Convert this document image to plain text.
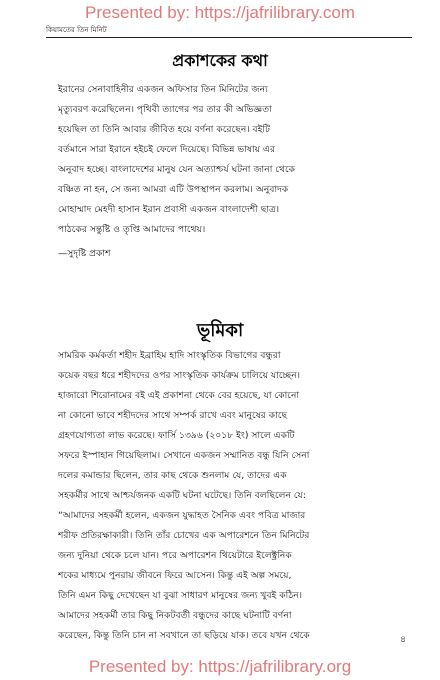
Presented by: https://jafrilibrary.com
কিয়ামতের তিন মিনিট
প্রকাশকের কথা
ইরানের সেনাবাহিনীর একজন অফিসার তিন মিনিটের জন্য
মৃত্যুবরণ করেছিলেন। পৃথিবী ত্যাগের পর তার কী অভিজ্ঞতা
হয়েছিল তা তিনি আবার জীবিত হয়ে বর্ণনা করেছেন। বইটি
বর্তমানে সারা ইরানে হইচই ফেলে দিয়েছে। বিভিন্ন ভাষায় এর
অনুবাদ হচ্ছে। বাংলাদেশের মানুষ যেন অত্যাশ্চর্য ঘটনা জানা থেকে
বঞ্চিত না হন, সে জন্য আমরা এটি উপস্থাপন করলাম। অনুবাদক
মোহাম্মাদ মেহদী হাসান ইরান প্রবাসী একজন বাংলাদেশী ছাত্র।
পাঠকের সন্তুষ্টি ও তৃপ্তি আমাদের পাথেয়।
—সুদৃষ্টি প্রকাশ
ভূমিকা
সামরিক কর্মকর্তা শহীদ ইব্রাহিম হাদি সাংস্কৃতিক বিভাগের বন্ধুরা
কয়েক বছর ধরে শহীদদের ওপর সাংস্কৃতিক কার্যক্রম চালিয়ে যাচ্ছেন।
হাজারো শিরোনামের বই এই প্রকাশনা থেকে বের হয়েছে, যা কোনো
না কোনো ভাবে শহীদদের সাথে সম্পর্ক রাখে এবং মানুষের কাছে
গ্রহণযোগ্যতা লাভ করেছে। ফার্সি ১৩৯৬ (২০১৮ ইং) সালে একটি
সফরে ইস্পাহান গিয়েছিলাম। সেখানে একজন সম্মানিত বন্ধু যিনি সেনা
দলের কমান্ডার ছিলেন, তার কাছ থেকে শুনলাম যে, তাদের এক
সহকর্মীর সাথে আশ্চর্যজনক একটি ঘটনা ঘটেছে। তিনি বলছিলেন যে:
“আমাদের সহকর্মী হলেন, একজন যুদ্ধাহত সৈনিক এবং পবিত্র মাজার
শরীফ প্রতিরক্ষাকারী। তিনি তাঁর চোখের এক অপারেশনে তিন মিনিটের
জন্য দুনিয়া থেকে চলে যান। পরে অপারেশন থিয়েটারে ইলেক্ট্রনিক
শকের মাধ্যমে পুনরায় জীবনে ফিরে আসেন। কিন্তু এই অল্প সময়ে,
তিনি এমন কিছু দেখেছেন যা বুঝা সাধারণ মানুষের জন্য খুবই কঠিন।
আমাদের সহকর্মী তার কিছু নিকটবর্তী বন্ধুদের কাছে ঘটনাটি বর্ণনা
করেছেন, কিন্তু তিনি চান না সবখানে তা ছড়িয়ে যাক। তবে যখন থেকে	৪
Presented by: https://jafrilibrary.org
